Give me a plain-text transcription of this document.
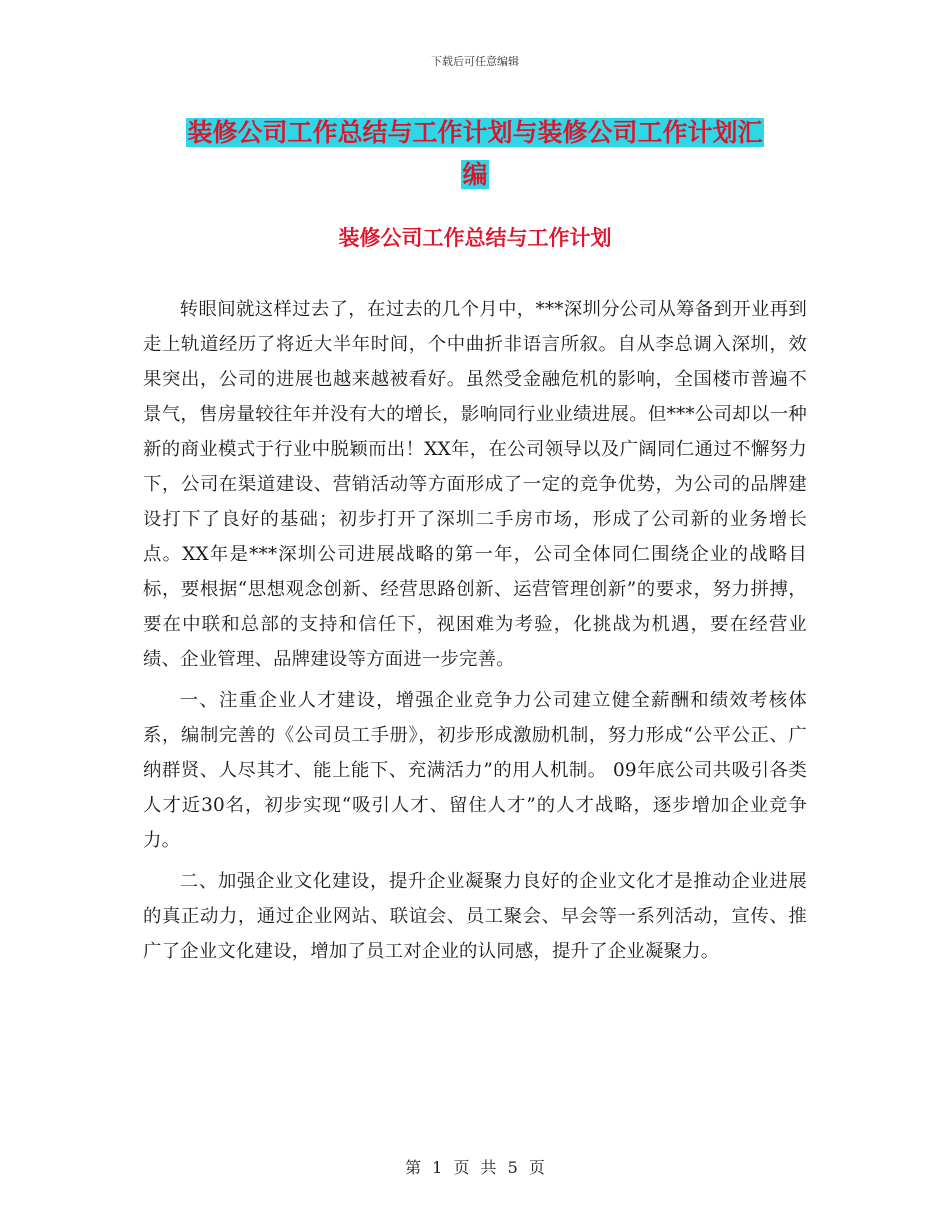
下载后可任意编辑
装修公司工作总结与工作计划与装修公司工作计划汇
编
装修公司工作总结与工作计划

转眼间就这样过去了，在过去的几个月中，***深圳分公司从筹备到开业再到走上轨道经历了将近大半年时间，个中曲折非语言所叙。自从李总调入深圳，效果突出，公司的进展也越来越被看好。虽然受金融危机的影响，全国楼市普遍不景气，售房量较往年并没有大的增长，影响同行业业绩进展。但***公司却以一种新的商业模式于行业中脱颖而出！XX年，在公司领导以及广阔同仁通过不懈努力下，公司在渠道建设、营销活动等方面形成了一定的竞争优势，为公司的品牌建设打下了良好的基础；初步打开了深圳二手房市场，形成了公司新的业务增长点。XX年是***深圳公司进展战略的第一年，公司全体同仁围绕企业的战略目标，要根据“思想观念创新、经营思路创新、运营管理创新”的要求，努力拼搏，要在中联和总部的支持和信任下，视困难为考验，化挑战为机遇，要在经营业绩、企业管理、品牌建设等方面进一步完善。

一、注重企业人才建设，增强企业竞争力公司建立健全薪酬和绩效考核体系，编制完善的《公司员工手册》，初步形成激励机制，努力形成“公平公正、广纳群贤、人尽其才、能上能下、充满活力”的用人机制。 09年底公司共吸引各类人才近30名，初步实现“吸引人才、留住人才”的人才战略，逐步增加企业竞争力。

二、加强企业文化建设，提升企业凝聚力良好的企业文化才是推动企业进展的真正动力，通过企业网站、联谊会、员工聚会、早会等一系列活动，宣传、推广了企业文化建设，增加了员工对企业的认同感，提升了企业凝聚力。

第 1 页 共 5 页
